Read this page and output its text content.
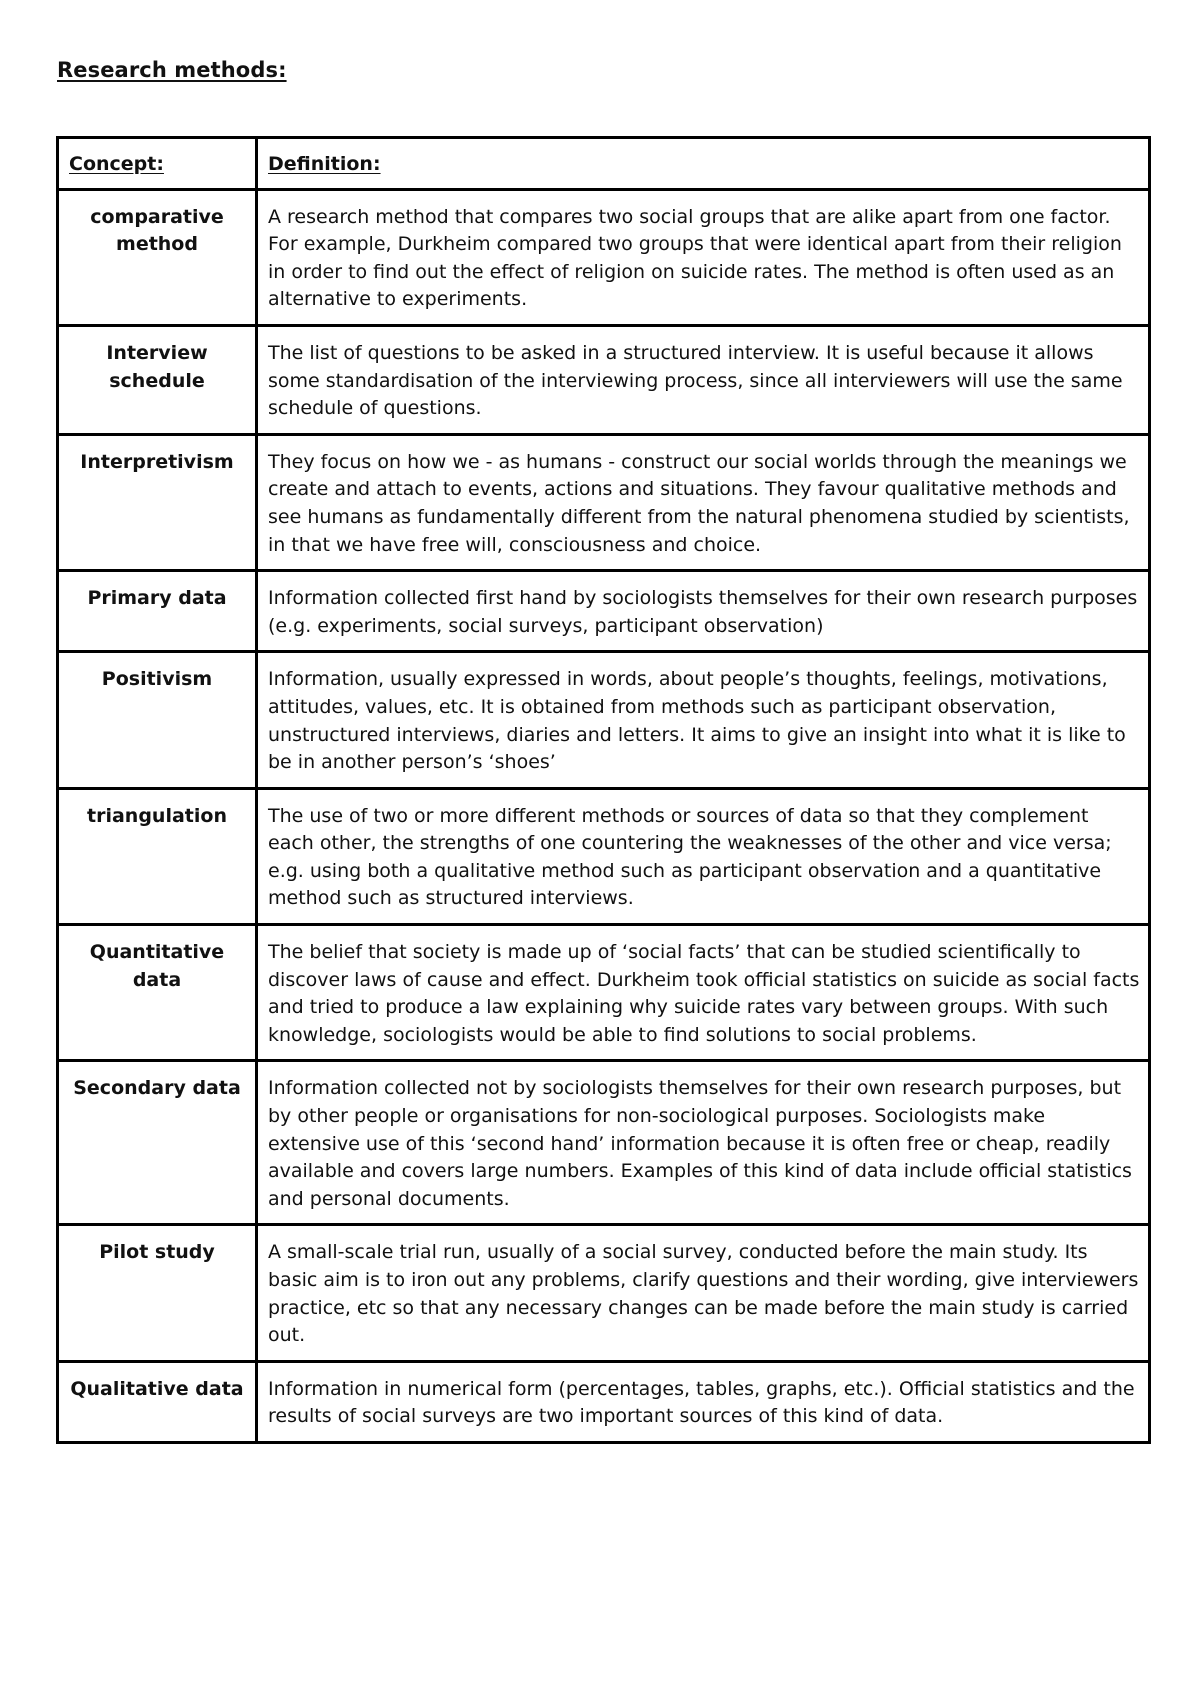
Research methods:
Concept:	Definition:
comparative method	A research method that compares two social groups that are alike apart from one factor. For example, Durkheim compared two groups that were identical apart from their religion in order to find out the effect of religion on suicide rates. The method is often used as an alternative to experiments.
Interview schedule	The list of questions to be asked in a structured interview. It is useful because it allows some standardisation of the interviewing process, since all interviewers will use the same schedule of questions.
Interpretivism	They focus on how we - as humans - construct our social worlds through the meanings we create and attach to events, actions and situations. They favour qualitative methods and see humans as fundamentally different from the natural phenomena studied by scientists, in that we have free will, consciousness and choice.
Primary data	Information collected first hand by sociologists themselves for their own research purposes (e.g. experiments, social surveys, participant observation)
Positivism	Information, usually expressed in words, about people’s thoughts, feelings, motivations, attitudes, values, etc. It is obtained from methods such as participant observation, unstructured interviews, diaries and letters. It aims to give an insight into what it is like to be in another person’s ‘shoes’
triangulation	The use of two or more different methods or sources of data so that they complement each other, the strengths of one countering the weaknesses of the other and vice versa; e.g. using both a qualitative method such as participant observation and a quantitative method such as structured interviews.
Quantitative data	The belief that society is made up of ‘social facts’ that can be studied scientifically to discover laws of cause and effect. Durkheim took official statistics on suicide as social facts and tried to produce a law explaining why suicide rates vary between groups. With such knowledge, sociologists would be able to find solutions to social problems.
Secondary data	Information collected not by sociologists themselves for their own research purposes, but by other people or organisations for non-sociological purposes. Sociologists make extensive use of this ‘second hand’ information because it is often free or cheap, readily available and covers large numbers. Examples of this kind of data include official statistics and personal documents.
Pilot study	A small-scale trial run, usually of a social survey, conducted before the main study. Its basic aim is to iron out any problems, clarify questions and their wording, give interviewers practice, etc so that any necessary changes can be made before the main study is carried out.
Qualitative data	Information in numerical form (percentages, tables, graphs, etc.). Official statistics and the results of social surveys are two important sources of this kind of data.
